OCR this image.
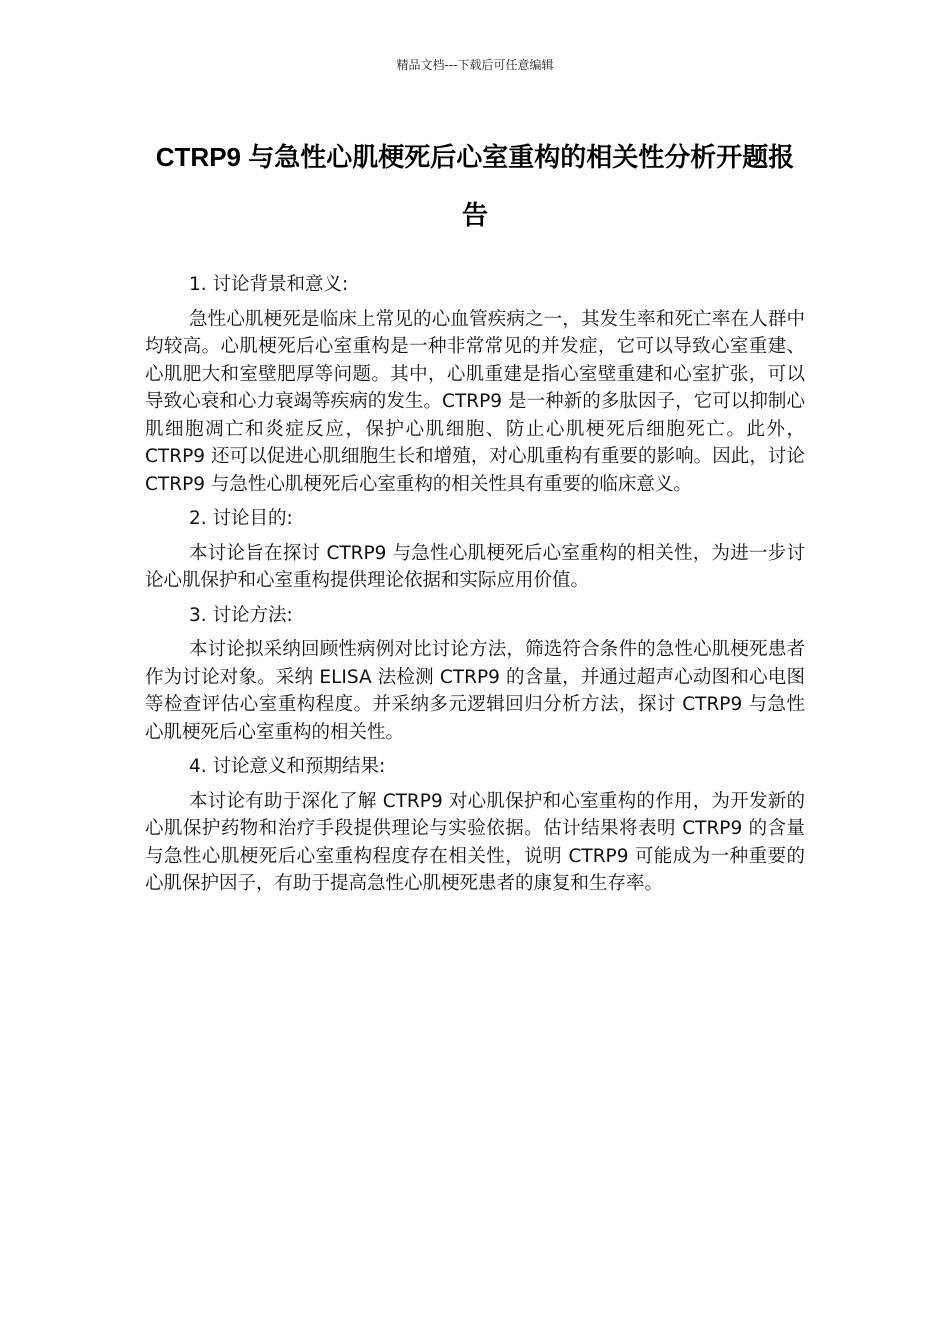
精品文档---下载后可任意编辑
CTRP9 与急性心肌梗死后心室重构的相关性分析开题报告

1. 讨论背景和意义:

急性心肌梗死是临床上常见的心血管疾病之一，其发生率和死亡率在人群中均较高。心肌梗死后心室重构是一种非常常见的并发症，它可以导致心室重建、心肌肥大和室壁肥厚等问题。其中，心肌重建是指心室壁重建和心室扩张，可以导致心衰和心力衰竭等疾病的发生。CTRP9 是一种新的多肽因子，它可以抑制心肌细胞凋亡和炎症反应，保护心肌细胞、防止心肌梗死后细胞死亡。此外，CTRP9 还可以促进心肌细胞生长和增殖，对心肌重构有重要的影响。因此，讨论 CTRP9 与急性心肌梗死后心室重构的相关性具有重要的临床意义。

2. 讨论目的:

本讨论旨在探讨 CTRP9 与急性心肌梗死后心室重构的相关性，为进一步讨论心肌保护和心室重构提供理论依据和实际应用价值。

3. 讨论方法:

本讨论拟采纳回顾性病例对比讨论方法，筛选符合条件的急性心肌梗死患者作为讨论对象。采纳 ELISA 法检测 CTRP9 的含量，并通过超声心动图和心电图等检查评估心室重构程度。并采纳多元逻辑回归分析方法，探讨 CTRP9 与急性心肌梗死后心室重构的相关性。

4. 讨论意义和预期结果:

本讨论有助于深化了解 CTRP9 对心肌保护和心室重构的作用，为开发新的心肌保护药物和治疗手段提供理论与实验依据。估计结果将表明 CTRP9 的含量与急性心肌梗死后心室重构程度存在相关性，说明 CTRP9 可能成为一种重要的心肌保护因子，有助于提高急性心肌梗死患者的康复和生存率。
